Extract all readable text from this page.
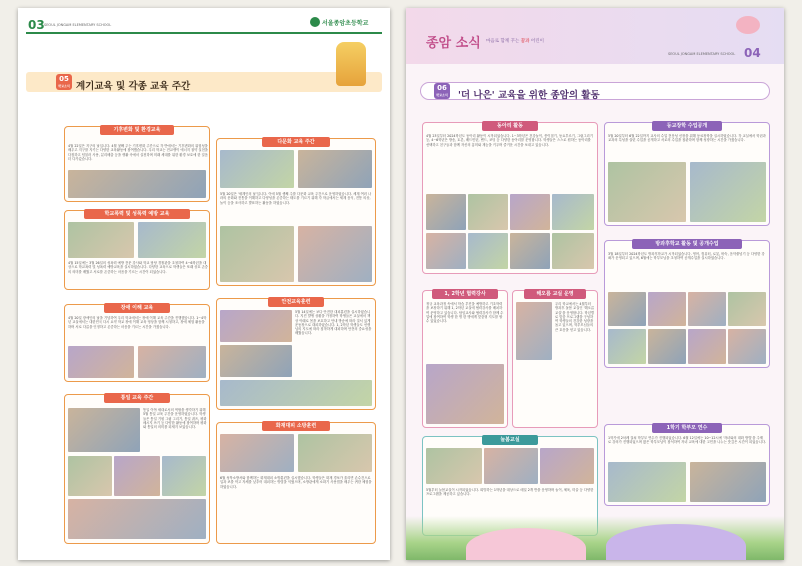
03 SEOUL JONGAM ELEMENTARY SCHOOL	서울종암초등학교
05
학교소식 계기교육 및 각종 교육 주간
기후변화 및 환경교육
4월 22일은 지구의 날입니다. 4월 첫째 주는 기후변화 주간으로 각 반에서는 기후변화의 위험성을 배우고 지구를 지키는 다양한 교육활동에 참여했습니다. 우리 학교는 전교생이 에너지 절약 실천을 다짐하고 텀블러 사용, 분리배출 등을 생활 속에서 실천하며 미래 세대를 위한 환경 보호에 한 걸음 더 다가갔습니다.
학교폭력 및 성폭력 예방 교육
4월 15일에는 3월 26일의 성폭력 예방 전문 강사와 학교 담당 경찰관을 초청하여 4~6학년을 대상으로 학교폭력 및 성폭력 예방교육을 실시하였습니다. 다양한 교육으로 학생들은 또래 상호 존중의 의미를 배웠고 서로를 존중하는 마음을 기르는 시간이 되었습니다.
장애 이해 교육
4월 20일 장애인의 날을 기념하여 우리 학교에서는 장애 이해 교육 주간을 진행했습니다. 1~4학년 교실에서는 대한민국 다시 요약 학교 장애 이해 교육 영상을 함께 시청하고, 장애 체험 활동을 하며 서로 다름을 인정하고 존중하는 마음을 기르는 시간을 가졌습니다.
통일 교육 주간
통일 이야 세대로서의 역할을 생각하기 위해 5월 통일 교육 주간을 운영하였습니다. 학생들은 통일 기원 그림 그리기, 통일 퀴즈, 평화 메시지 쓰기 등 다양한 활동에 참여하며 평화와 통일의 의미를 되새겨 보았습니다.
다문화 교육 주간
5월 20일은 '세계인의 날'입니다. 이에 5월 셋째 주를 다문화 교육 주간으로 운영하였습니다. 세계 여러 나라의 문화와 전통을 이해하고 다양성을 존중하는 태도를 기르기 위해 각 학급에서는 세계 음식, 전통 의상, 놀이 등을 조사하고 발표하는 활동을 하였습니다.
안전교육훈련
5월 14일에는 보다 안전한 대피훈련을 실시하였습니다. 지진 발생 상황을 가정하여 학생들은 교실에서 책상 아래로 몸을 보호하고 안내 방송에 따라 질서 있게 운동장으로 대피하였습니다. 1, 2학년 학생들도 선생님의 지도에 따라 침착하게 대피하며 안전의 중요성을 배웠습니다.
화재대피 소방훈련
6월 성북소방서와 함께하는 화재대피 소방훈련을 실시했습니다. 학생들은 화재 경보가 울리면 손수건으로 입과 코를 막고 자세를 낮추어 대피하는 방법을 익혔으며, 소방관에게 소화기 사용법을 배우는 귀한 체험을 하였습니다.
종암 소식 마음로 함께 꾸는 꿈과 어린이
SEOUL JONGAM ELEMENTARY SCHOOL 04
06
학교소식 '더 나은' 교육을 위한 종암의 활동
동아리 활동
4월 23일부터 2024학년도 동아리 활동이 시작되었습니다. 1~3학년은 건강놀이, 종이접기, 동요부르기, 그림그리기 등, 4~6학년은 방송, 토론, 배드민턴, 밴드, 코딩 등 다양한 동아리를 운영합니다. 학생들은 스스로 원하는 동아리를 선택하고 친구들과 함께 자신의 흥미와 재능을 키우며 즐거운 시간을 보내고 있습니다.
1, 2학년 협력강사
정규 교육과정 속에서 학습 부진을 예방하고 기초학력을 보장하기 위해 1, 2학년 교실에 협력강사를 배치하여 운영하고 있습니다. 담임교사와 협력강사가 함께 수업에 참여하여 학생 한 명 한 명에게 맞춤형 지도를 할 수 있었습니다.
해오름 교실 운영
우리 학교에서는 4월부터 방과후 돌봄 교실인 '해오름 교실'을 운영합니다. 학년별로 맞춤 프로그램을 구성하여 학생들의 건강한 성장을 돕고 있으며, 학부모님들의 큰 호응을 얻고 있습니다.
등교장학 수업공개
5월 20일부터 6월 22일까지 교사의 수업 전문성 신장을 위해 동료장학을 실시하였습니다. 각 교실에서 학년과 교과의 특성을 살린 수업을 공개하고 서로의 수업을 참관하며 함께 성장하는 시간을 가졌습니다.
방과후학교 활동 및 공개수업
3월 18일부터 2024학년도 방과후학교가 시작되었습니다. 영어, 컴퓨터, 로봇, 바둑, 음악줄넘기 등 다양한 강좌가 운영되고 있으며, 6월에는 학부모님을 초청하여 공개수업을 실시하였습니다.
1학기 학부모 연수
1학기에 2차례 걸쳐 학부모 연수가 진행되었습니다. 6월 12일에는 10~12시에 '자녀와의 대화 방법'을 주제로 강의가 진행되었으며 많은 학부모님이 참석하여 자녀 교육에 대한 고민을 나누는 뜻깊은 시간이 되었습니다.
늘봄교실
5월부터 늘봄교실이 시작되었습니다. 희망하는 1학년을 대상으로 매일 2개 반을 운영하며 놀이, 체육, 미술 등 다양한 프로그램을 제공하고 있습니다.
